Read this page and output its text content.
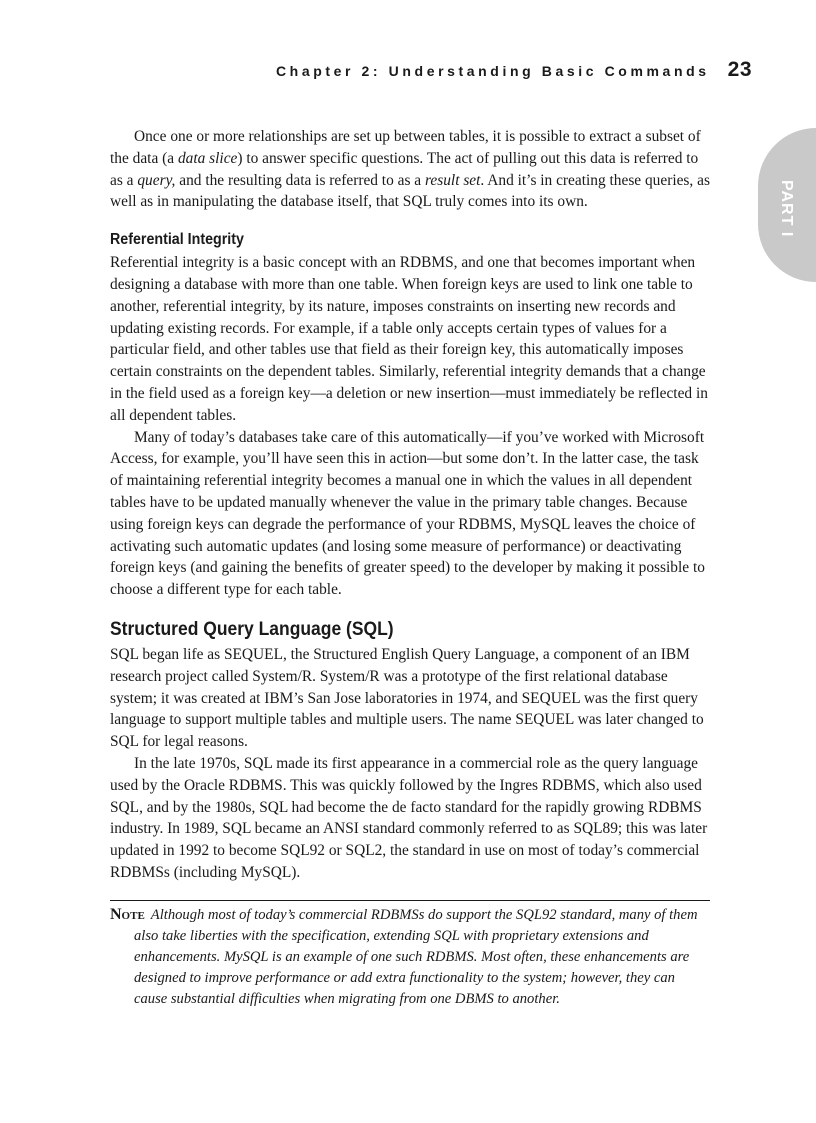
Chapter 2: Understanding Basic Commands 23
PART I

Once one or more relationships are set up between tables, it is possible to extract a subset of the data (a data slice) to answer specific questions. The act of pulling out this data is referred to as a query, and the resulting data is referred to as a result set. And it’s in creating these queries, as well as in manipulating the database itself, that SQL truly comes into its own.

Referential Integrity

Referential integrity is a basic concept with an RDBMS, and one that becomes important when designing a database with more than one table. When foreign keys are used to link one table to another, referential integrity, by its nature, imposes constraints on inserting new records and updating existing records. For example, if a table only accepts certain types of values for a particular field, and other tables use that field as their foreign key, this automatically imposes certain constraints on the dependent tables. Similarly, referential integrity demands that a change in the field used as a foreign key—a deletion or new insertion—must immediately be reflected in all dependent tables.

Many of today’s databases take care of this automatically—if you’ve worked with Microsoft Access, for example, you’ll have seen this in action—but some don’t. In the latter case, the task of maintaining referential integrity becomes a manual one in which the values in all dependent tables have to be updated manually whenever the value in the primary table changes. Because using foreign keys can degrade the performance of your RDBMS, MySQL leaves the choice of activating such automatic updates (and losing some measure of performance) or deactivating foreign keys (and gaining the benefits of greater speed) to the developer by making it possible to choose a different type for each table.

Structured Query Language (SQL)

SQL began life as SEQUEL, the Structured English Query Language, a component of an IBM research project called System/R. System/R was a prototype of the first relational database system; it was created at IBM’s San Jose laboratories in 1974, and SEQUEL was the first query language to support multiple tables and multiple users. The name SEQUEL was later changed to SQL for legal reasons.

In the late 1970s, SQL made its first appearance in a commercial role as the query language used by the Oracle RDBMS. This was quickly followed by the Ingres RDBMS, which also used SQL, and by the 1980s, SQL had become the de facto standard for the rapidly growing RDBMS industry. In 1989, SQL became an ANSI standard commonly referred to as SQL89; this was later updated in 1992 to become SQL92 or SQL2, the standard in use on most of today’s commercial RDBMSs (including MySQL).

Note Although most of today’s commercial RDBMSs do support the SQL92 standard, many of them also take liberties with the specification, extending SQL with proprietary extensions and enhancements. MySQL is an example of one such RDBMS. Most often, these enhancements are designed to improve performance or add extra functionality to the system; however, they can cause substantial difficulties when migrating from one DBMS to another.
